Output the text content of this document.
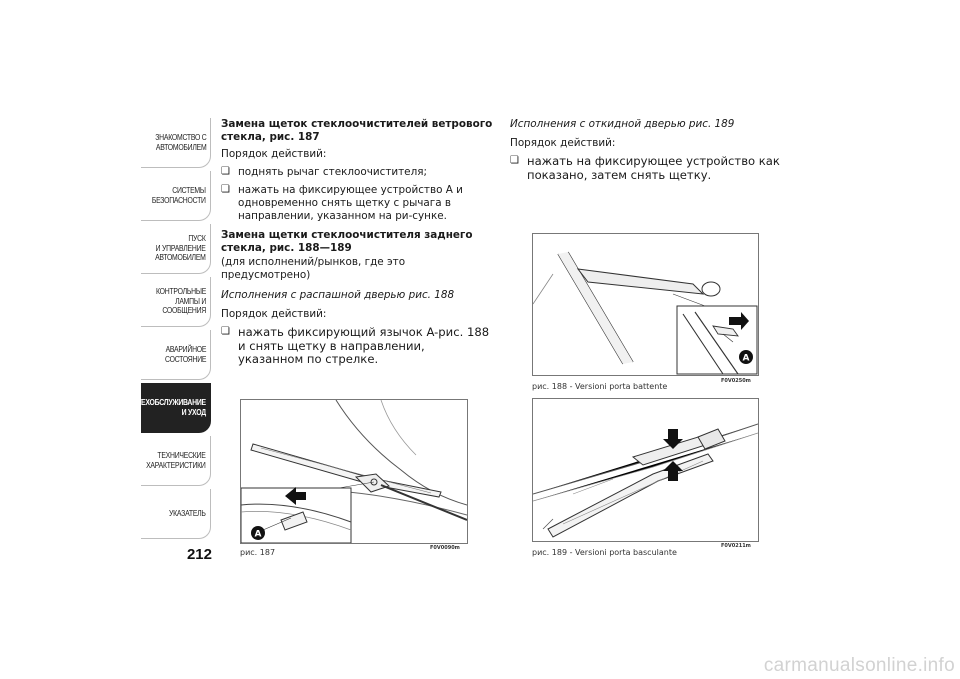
ЗНАКОМСТВО С
АВТОМОБИЛЕМ
СИСТЕМЫ
БЕЗОПАСНОСТИ
ПУСК
И УПРАВЛЕНИЕ
АВТОМОБИЛЕМ
КОНТРОЛЬНЫЕ
ЛАМПЫ И
СООБЩЕНИЯ
АВАРИЙНОЕ
СОСТОЯНИЕ
ТЕХОБСЛУЖИВАНИЕ
И УХОД
ТЕХНИЧЕСКИЕ
ХАРАКТЕРИСТИКИ
УКАЗАТЕЛЬ
212
Замена щеток стеклоочистителей ветрового стекла, рис. 187
Порядок действий:
❏ поднять рычаг стеклоочистителя;
❏ нажать на фиксирующее устройство A и одновременно снять щетку с рычага в направлении, указанном на ри-сунке.
Замена щетки стеклоочистителя заднего стекла, рис. 188—189
(для исполнений/рынков, где это предусмотрено)
Исполнения с распашной дверью рис. 188
Порядок действий:
❏ нажать фиксирующий язычок A-рис. 188 и снять щетку в направлении, указанном по стрелке.
Исполнения с откидной дверью рис. 189
Порядок действий:
❏ нажать на фиксирующее устройство как показано, затем снять щетку.
A
рис. 187	F0V0090m
A
рис. 188 - Versioni porta battente
F0V0250m
рис. 189 - Versioni porta basculante
F0V0211m
carmanualsonline.info
